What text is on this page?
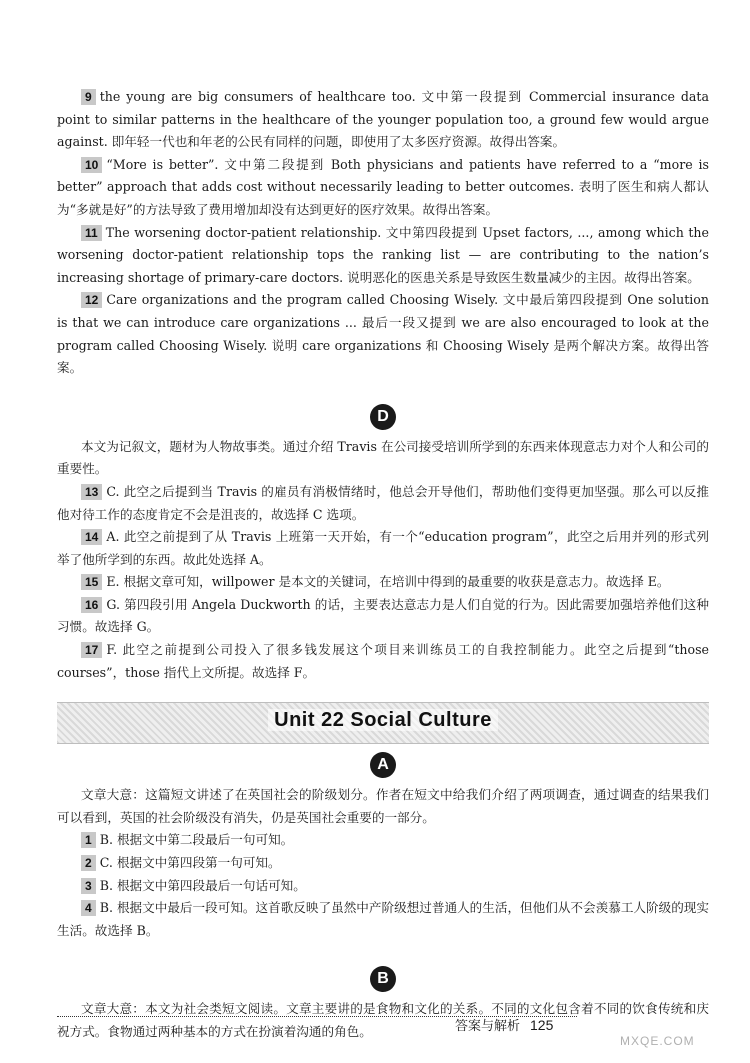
9 the young are big consumers of healthcare too. 文中第一段提到 Commercial insurance data point to similar patterns in the healthcare of the younger population too, a ground few would argue against. 即年轻一代也和年老的公民有同样的问题，即使用了太多医疗资源。故得出答案。

10 “More is better”. 文中第二段提到 Both physicians and patients have referred to a “more is better” approach that adds cost without necessarily leading to better outcomes. 表明了医生和病人都认为“多就是好”的方法导致了费用增加却没有达到更好的医疗效果。故得出答案。

11 The worsening doctor-patient relationship. 文中第四段提到 Upset factors, ..., among which the worsening doctor-patient relationship tops the ranking list — are contributing to the nation’s increasing shortage of primary-care doctors. 说明恶化的医患关系是导致医生数量减少的主因。故得出答案。

12 Care organizations and the program called Choosing Wisely. 文中最后第四段提到 One solution is that we can introduce care organizations ... 最后一段又提到 we are also encouraged to look at the program called Choosing Wisely. 说明 care organizations 和 Choosing Wisely 是两个解决方案。故得出答案。

D

本文为记叙文，题材为人物故事类。通过介绍 Travis 在公司接受培训所学到的东西来体现意志力对个人和公司的重要性。

13 C. 此空之后提到当 Travis 的雇员有消极情绪时，他总会开导他们，帮助他们变得更加坚强。那么可以反推他对待工作的态度肯定不会是沮丧的，故选择 C 选项。

14 A. 此空之前提到了从 Travis 上班第一天开始，有一个“education program”，此空之后用并列的形式列举了他所学到的东西。故此处选择 A。

15 E. 根据文章可知，willpower 是本文的关键词，在培训中得到的最重要的收获是意志力。故选择 E。

16 G. 第四段引用 Angela Duckworth 的话，主要表达意志力是人们自觉的行为。因此需要加强培养他们这种习惯。故选择 G。

17 F. 此空之前提到公司投入了很多钱发展这个项目来训练员工的自我控制能力。此空之后提到“those courses”，those 指代上文所提。故选择 F。

Unit 22 Social Culture
A

文章大意：这篇短文讲述了在英国社会的阶级划分。作者在短文中给我们介绍了两项调查，通过调查的结果我们可以看到，英国的社会阶级没有消失，仍是英国社会重要的一部分。

1 B. 根据文中第二段最后一句可知。

2 C. 根据文中第四段第一句可知。

3 B. 根据文中第四段最后一句话可知。

4 B. 根据文中最后一段可知。这首歌反映了虽然中产阶级想过普通人的生活，但他们从不会羡慕工人阶级的现实生活。故选择 B。

B

文章大意：本文为社会类短文阅读。文章主要讲的是食物和文化的关系。不同的文化包含着不同的饮食传统和庆祝方式。食物通过两种基本的方式在扮演着沟通的角色。	答案与解析 125
MXQE.COM
